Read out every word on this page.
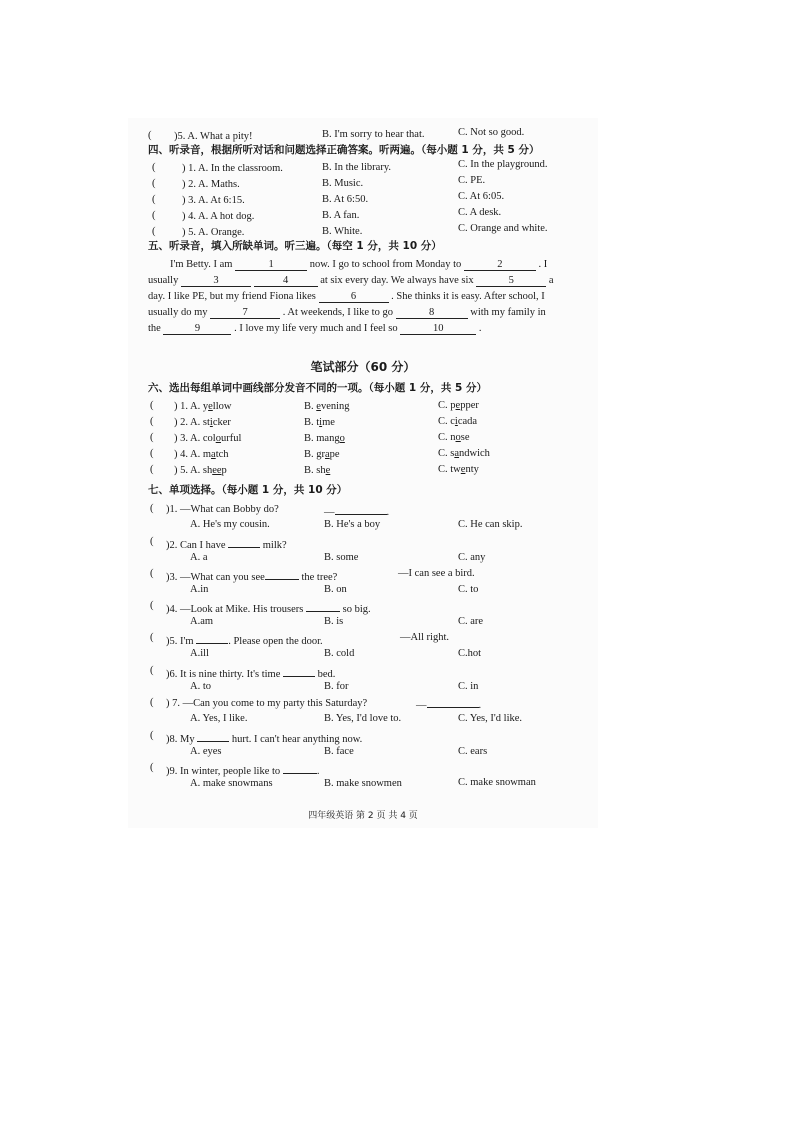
( )5. A. What a pity!	B. I'm sorry to hear that.	C. Not so good.
四、听录音，根据所听对话和问题选择正确答案。听两遍。（每小题 1 分，共 5 分）
(	) 1. A. In the classroom.	B. In the library.	C. In the playground.
(	) 2. A. Maths.	B. Music.	C. PE.
(	) 3. A. At 6:15.	B. At 6:50.	C. At 6:05.
(	) 4. A. A hot dog.	B. A fan.	C. A desk.
(	) 5. A. Orange.	B. White.	C. Orange and white.
五、听录音，填入所缺单词。听三遍。（每空 1 分，共 10 分）
I'm Betty. I am	1	now. I go to school from Monday to	2	. I
usually	3	4	at six every day. We always have six	5	a
day. I like PE, but my friend Fiona likes	6	. She thinks it is easy. After school, I
usually do my	7	. At weekends, I like to go	8	with my family in
the	9	. I love my life very much and I feel so	10	.
笔试部分（60 分）
六、选出每组单词中画线部分发音不同的一项。（每小题 1 分，共 5 分）
( ) 1. A. yellow	B. evening	C. pepper
( ) 2. A. sticker	B. time	C. cicada
( ) 3. A. colourful	B. mango	C. nose
( ) 4. A. match	B. grape	C. sandwich
( ) 5. A. sheep	B. she	C. twenty
七、单项选择。（每小题 1 分，共 10 分）
( )1. —What can Bobby do?	—	.
A. He's my cousin.	B. He's a boy	C. He can skip.
( )2. Can I have	milk?
A. a	B. some	C. any
( )3. —What can you see	the tree?	—I can see a bird.
A.in	B. on	C. to
( )4. —Look at Mike. His trousers	so big.
A.am	B. is	C. are
( )5. I'm	. Please open the door.	—All right.
A.ill	B. cold	C.hot
( )6. It is nine thirty. It's time	bed.
A. to	B. for	C. in
( ) 7. —Can you come to my party this Saturday?	—	.
A. Yes, I like.	B. Yes, I'd love to.	C. Yes, I'd like.
( )8. My	hurt. I can't hear anything now.
A. eyes	B. face	C. ears
( )9. In winter, people like to	.
A. make snowmans	B. make snowmen	C. make snowman
四年级英语 第 2 页 共 4 页
